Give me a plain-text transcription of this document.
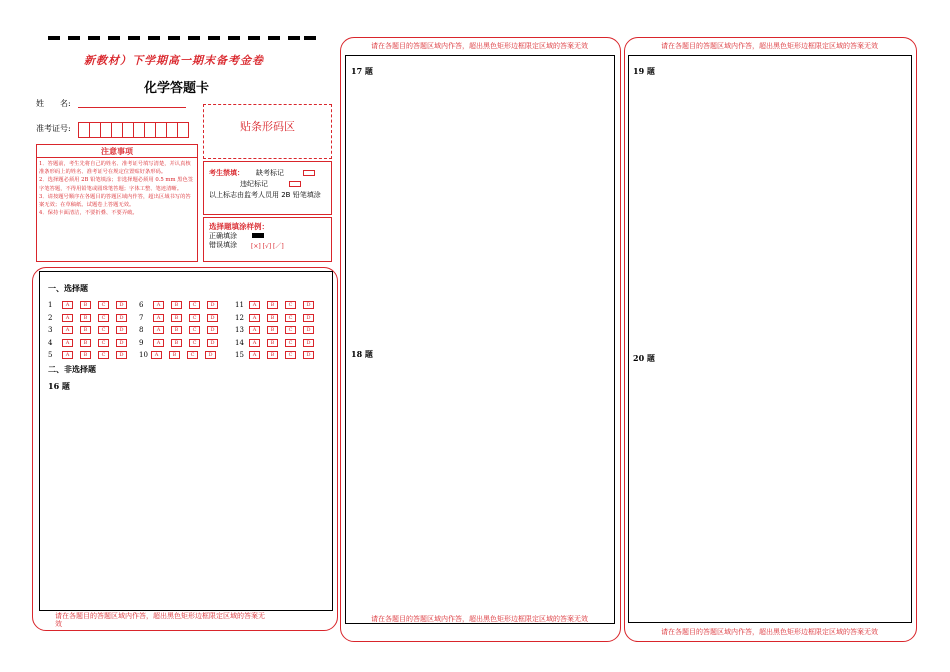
新教材）下学期高一期末备考金卷
化学答题卡
姓　　名:
准考证号:	贴条形码区
注意事项
1．答题前，考生先将自己的姓名、准考证号填写清楚，并认真核准条形码上的姓名、准考证号在规定位置贴好条形码。
2．选择题必须用 2B 铅笔填涂；非选择题必须用 0.5 mm 黑色签字笔答题，不得用铅笔或圆珠笔答题；字体工整、笔迹清晰。
3．请按题号顺序在各题目的答题区域内作答，超出区域书写的答案无效；在草稿纸、试题卷上答题无效。
4．保持卡面清洁，不要折叠、不要弄破。
考生禁填： 缺考标记
违纪标记
以上标志由监考人员用 2B 铅笔填涂
选择题填涂样例：
正确填涂
错误填涂 [×] [√] [／]
一、选择题
1	A	B	C	D
2	A	B	C	D
3	A	B	C	D
4	A	B	C	D
5	A	B	C	D
6	A	B	C	D
7	A	B	C	D
8	A	B	C	D
9	A	B	C	D
10 A	B	C	D
11 A	B	C	D
12 A	B	C	D
13 A	B	C	D
14 A	B	C	D
15 A	B	C	D
二、非选择题
16 题
请在各题目的答题区域内作答，超出黑色矩形边框限定区域的答案无
效
请在各题目的答题区域内作答，超出黑色矩形边框限定区域的答案无效
17 题
18 题
请在各题目的答题区域内作答，超出黑色矩形边框限定区域的答案无效
请在各题目的答题区域内作答，超出黑色矩形边框限定区域的答案无效
19 题
20 题
请在各题目的答题区域内作答，超出黑色矩形边框限定区域的答案无效
